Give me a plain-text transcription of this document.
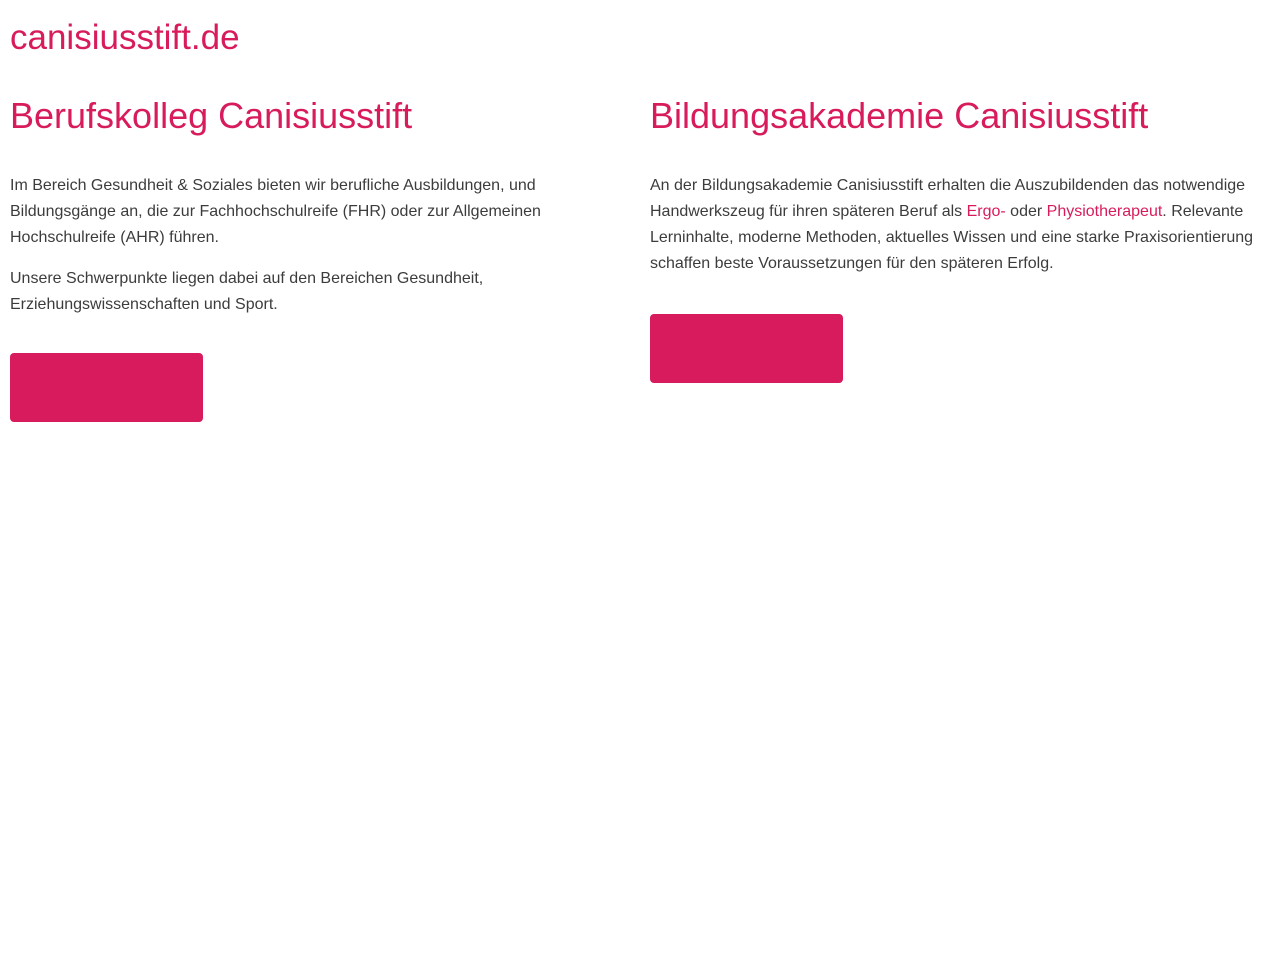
canisiusstift.de
Berufskolleg Canisiusstift

Im Bereich Gesundheit & Soziales bieten wir berufliche Ausbildungen, und Bildungsgänge an, die zur Fachhochschulreife (FHR) oder zur Allgemeinen Hochschulreife (AHR) führen.

Unsere Schwerpunkte liegen dabei auf den Bereichen Gesundheit, Erziehungswissenschaften und Sport.

Bildungsakademie Canisiusstift

An der Bildungsakademie Canisiusstift erhalten die Auszubildenden das notwendige Handwerkszeug für ihren späteren Beruf als Ergo- oder Physiotherapeut. Relevante Lerninhalte, moderne Methoden, aktuelles Wissen und eine starke Praxisorientierung schaffen beste Voraussetzungen für den späteren Erfolg.
